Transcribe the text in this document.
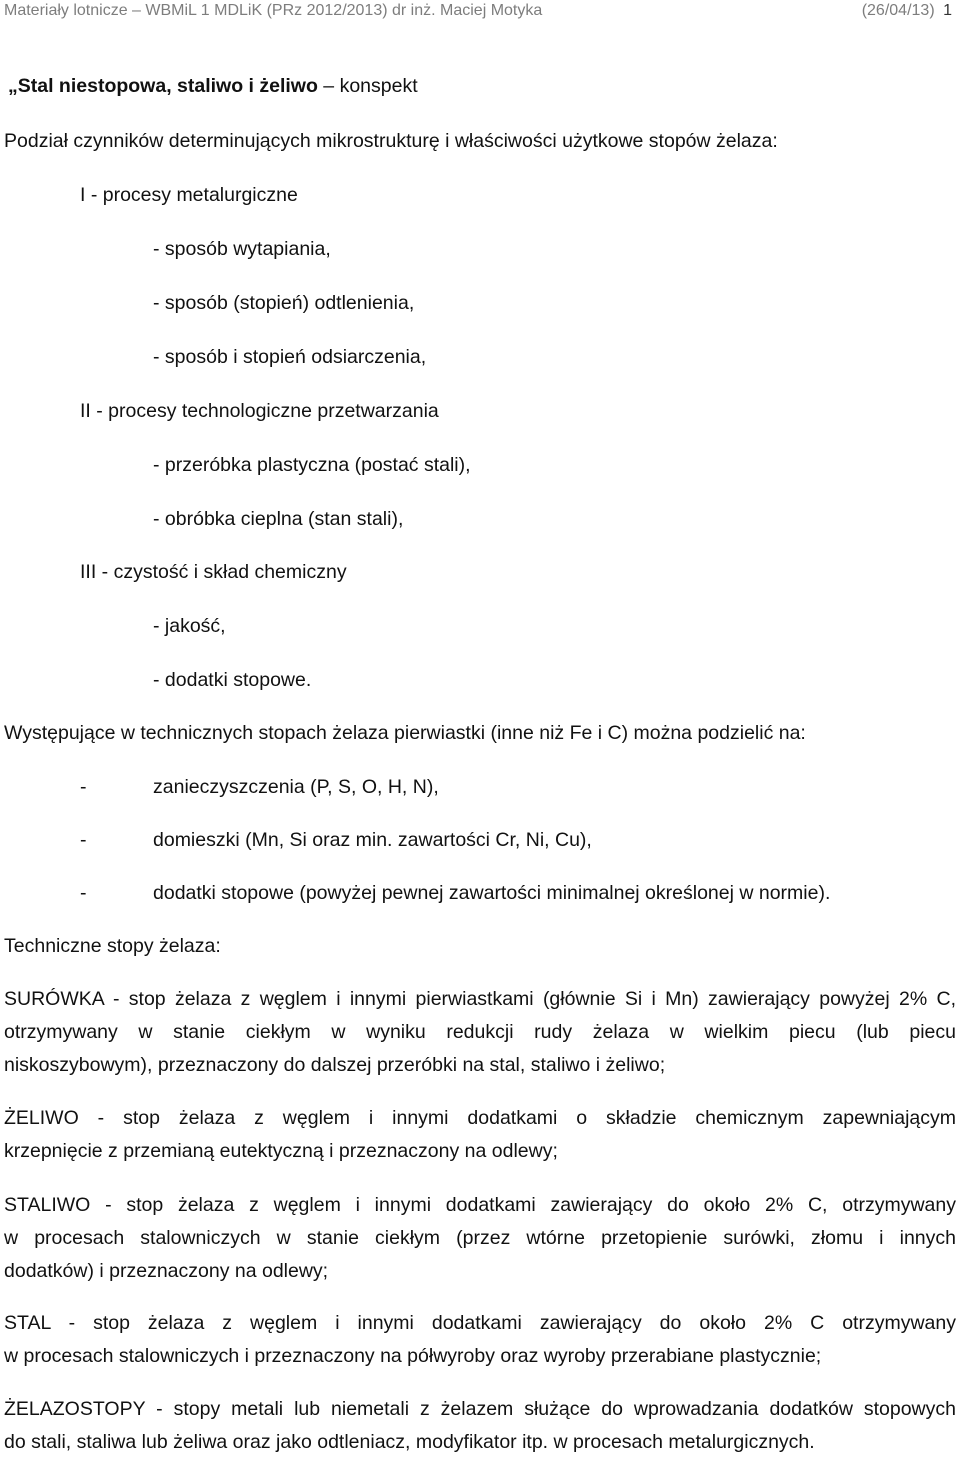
Materiały lotnicze – WBMiL 1 MDLiK (PRz 2012/2013) dr inż. Maciej Motyka	(26/04/13) 1
„Stal niestopowa, staliwo i żeliwo – konspekt
Podział czynników determinujących mikrostrukturę i właściwości użytkowe stopów żelaza:
I - procesy metalurgiczne
- sposób wytapiania,
- sposób (stopień) odtlenienia,
- sposób i stopień odsiarczenia,
II - procesy technologiczne przetwarzania
- przeróbka plastyczna (postać stali),
- obróbka cieplna (stan stali),
III - czystość i skład chemiczny
- jakość,
- dodatki stopowe.
Występujące w technicznych stopach żelaza pierwiastki (inne niż Fe i C) można podzielić na:
-	zanieczyszczenia (P, S, O, H, N),
-	domieszki (Mn, Si oraz min. zawartości Cr, Ni, Cu),
-	dodatki stopowe (powyżej pewnej zawartości minimalnej określonej w normie).
Techniczne stopy żelaza:
SURÓWKA - stop żelaza z węglem i innymi pierwiastkami (głównie Si i Mn) zawierający powyżej 2% C,
otrzymywany w stanie ciekłym w wyniku redukcji rudy żelaza w wielkim piecu (lub piecu
niskoszybowym), przeznaczony do dalszej przeróbki na stal, staliwo i żeliwo;
ŻELIWO - stop żelaza z węglem i innymi dodatkami o składzie chemicznym zapewniającym
krzepnięcie z przemianą eutektyczną i przeznaczony na odlewy;
STALIWO - stop żelaza z węglem i innymi dodatkami zawierający do około 2% C, otrzymywany
w procesach stalowniczych w stanie ciekłym (przez wtórne przetopienie surówki, złomu i innych
dodatków) i przeznaczony na odlewy;
STAL - stop żelaza z węglem i innymi dodatkami zawierający do około 2% C otrzymywany
w procesach stalowniczych i przeznaczony na półwyroby oraz wyroby przerabiane plastycznie;
ŻELAZOSTOPY - stopy metali lub niemetali z żelazem służące do wprowadzania dodatków stopowych
do stali, staliwa lub żeliwa oraz jako odtleniacz, modyfikator itp. w procesach metalurgicznych.
